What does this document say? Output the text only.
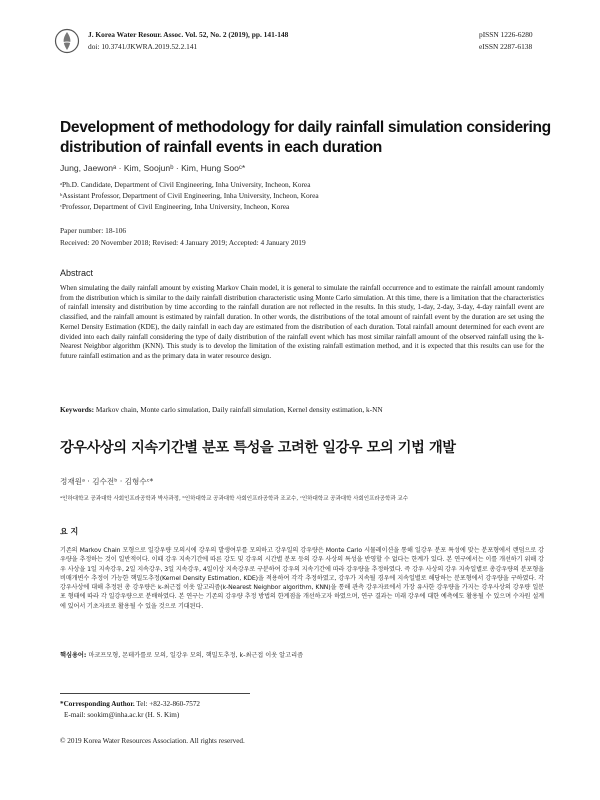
J. Korea Water Resour. Assoc. Vol. 52, No. 2 (2019), pp. 141-148
doi: 10.3741/JKWRA.2019.52.2.141
pISSN 1226-6280
eISSN 2287-6138
Development of methodology for daily rainfall simulation considering distribution of rainfall events in each duration
Jung, Jaewonᵃ · Kim, Soojunᵇ · Kim, Hung Sooᶜ*
ᵃPh.D. Candidate, Department of Civil Engineering, Inha University, Incheon, Korea
ᵇAssistant Professor, Department of Civil Engineering, Inha University, Incheon, Korea
ᶜProfessor, Department of Civil Engineering, Inha University, Incheon, Korea
Paper number: 18-106
Received: 20 November 2018; Revised: 4 January 2019; Accepted: 4 January 2019
Abstract
When simulating the daily rainfall amount by existing Markov Chain model, it is general to simulate the rainfall occurrence and to estimate the rainfall amount randomly from the distribution which is similar to the daily rainfall distribution characteristic using Monte Carlo simulation. At this time, there is a limitation that the characteristics of rainfall intensity and distribution by time according to the rainfall duration are not reflected in the results. In this study, 1-day, 2-day, 3-day, 4-day rainfall event are classified, and the rainfall amount is estimated by rainfall duration. In other words, the distributions of the total amount of rainfall event by the duration are set using the Kernel Density Estimation (KDE), the daily rainfall in each day are estimated from the distribution of each duration. Total rainfall amount determined for each event are divided into each daily rainfall considering the type of daily distribution of the rainfall event which has most similar rainfall amount of the observed rainfall using the k-Nearest Neighbor algorithm (KNN). This study is to develop the limitation of the existing rainfall estimation method, and it is expected that this results can use for the future rainfall estimation and as the primary data in water resource design.
Keywords: Markov chain, Monte carlo simulation, Daily rainfall simulation, Kernel density estimation, k-NN
강우사상의 지속기간별 분포 특성을 고려한 일강우 모의 기법 개발
정재원ᵃ · 김수전ᵇ · 김형수ᶜ*
ᵃ인하대학교 공과대학 사회인프라공학과 박사과정, ᵇ인하대학교 공과대학 사회인프라공학과 조교수, ᶜ인하대학교 공과대학 사회인프라공학과 교수
요 지
기존의 Markov Chain 모형으로 일강우량 모의시에 강우의 발생여부를 모의하고 강우일의 강우량은 Monte Carlo 시뮬레이션을 통해 일강우 분포 특성에 맞는 분포형에서 랜덤으로 강우량을 추정하는 것이 일반적이다. 이때 강우 지속기간에 따른 강도 및 강우의 시간별 분포 등의 강우 사상의 특성을 반영할 수 없다는 한계가 있다. 본 연구에서는 이를 개선하기 위해 강우 사상을 1일 지속강우, 2일 지속강우, 3일 지속강우, 4일이상 지속강우로 구분하여 강우의 지속기간에 따라 강우량을 추정하였다. 즉 강우 사상의 강우 지속일별로 총강우량의 분포형을 비매개변수 추정이 가능한 핵밀도추정(Kernel Density Estimation, KDE)을 적용하여 각각 추정하였고, 강우가 지속될 경우에 지속일별로 해당하는 분포형에서 강우량을 구하였다. 각 강우사상에 대해 추정된 총 강우량은 k-최근접 이웃 알고리즘(k-Nearest Neighbor algorithm, KNN)을 통해 관측 강우자료에서 가장 유사한 강우량을 가지는 강우사상의 강우량 일분포 형태에 따라 각 일강우량으로 분배하였다. 본 연구는 기존의 강우량 추정 방법의 한계점을 개선하고자 하였으며, 연구 결과는 미래 강우에 대한 예측에도 활용될 수 있으며 수자원 설계에 있어서 기초자료로 활용될 수 있을 것으로 기대된다.
핵심용어: 마코프모형, 몬테카를로 모의, 일강우 모의, 핵밀도추정, k-최근접 이웃 알고리즘
*Corresponding Author. Tel: +82-32-860-7572
E-mail: sookim@inha.ac.kr (H. S. Kim)
© 2019 Korea Water Resources Association. All rights reserved.
